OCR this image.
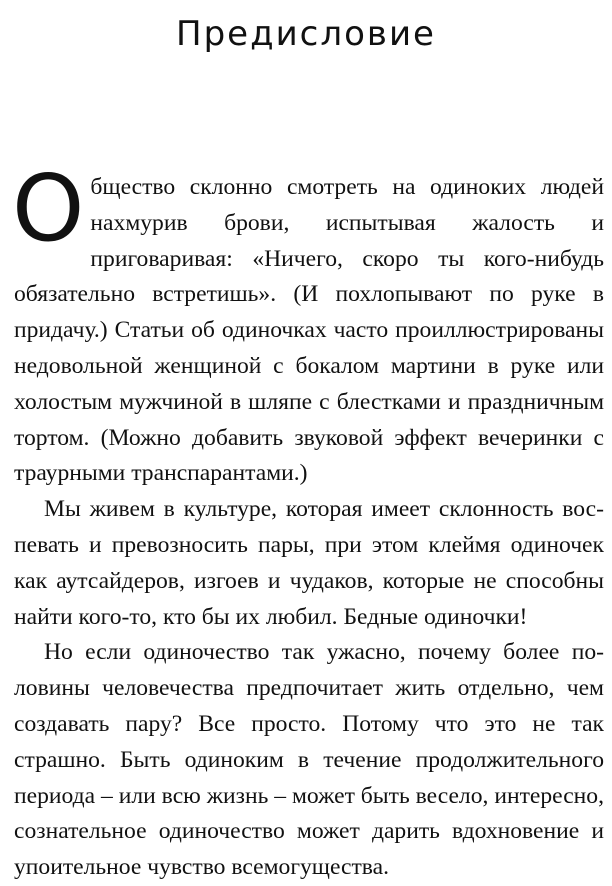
Предисловие

Общество склонно смотреть на одиноких людей нахмурив брови, испытывая жалость и приговаривая: «Ничего, скоро ты кого-нибудь обязательно встретишь». (И похлопывают по руке в придачу.) Статьи об одиночках часто проиллюстрированы недовольной женщиной с бокалом мартини в руке или холостым мужчиной в шляпе с блестками и праздничным тортом. (Можно добавить звуковой эффект вечеринки с траурными транспарантами.)

Мы живем в культуре, которая имеет склонность воспевать и превозносить пары, при этом клеймя одиночек как аутсайдеров, изгоев и чудаков, которые не способны найти кого-то, кто бы их любил. Бедные одиночки!

Но если одиночество так ужасно, почему более половины человечества предпочитает жить отдельно, чем создавать пару? Все просто. Потому что это не так страшно. Быть одиноким в течение продолжительного периода – или всю жизнь – может быть весело, интересно, сознательное одиночество может дарить вдохновение и упоительное чувство всемогущества.
